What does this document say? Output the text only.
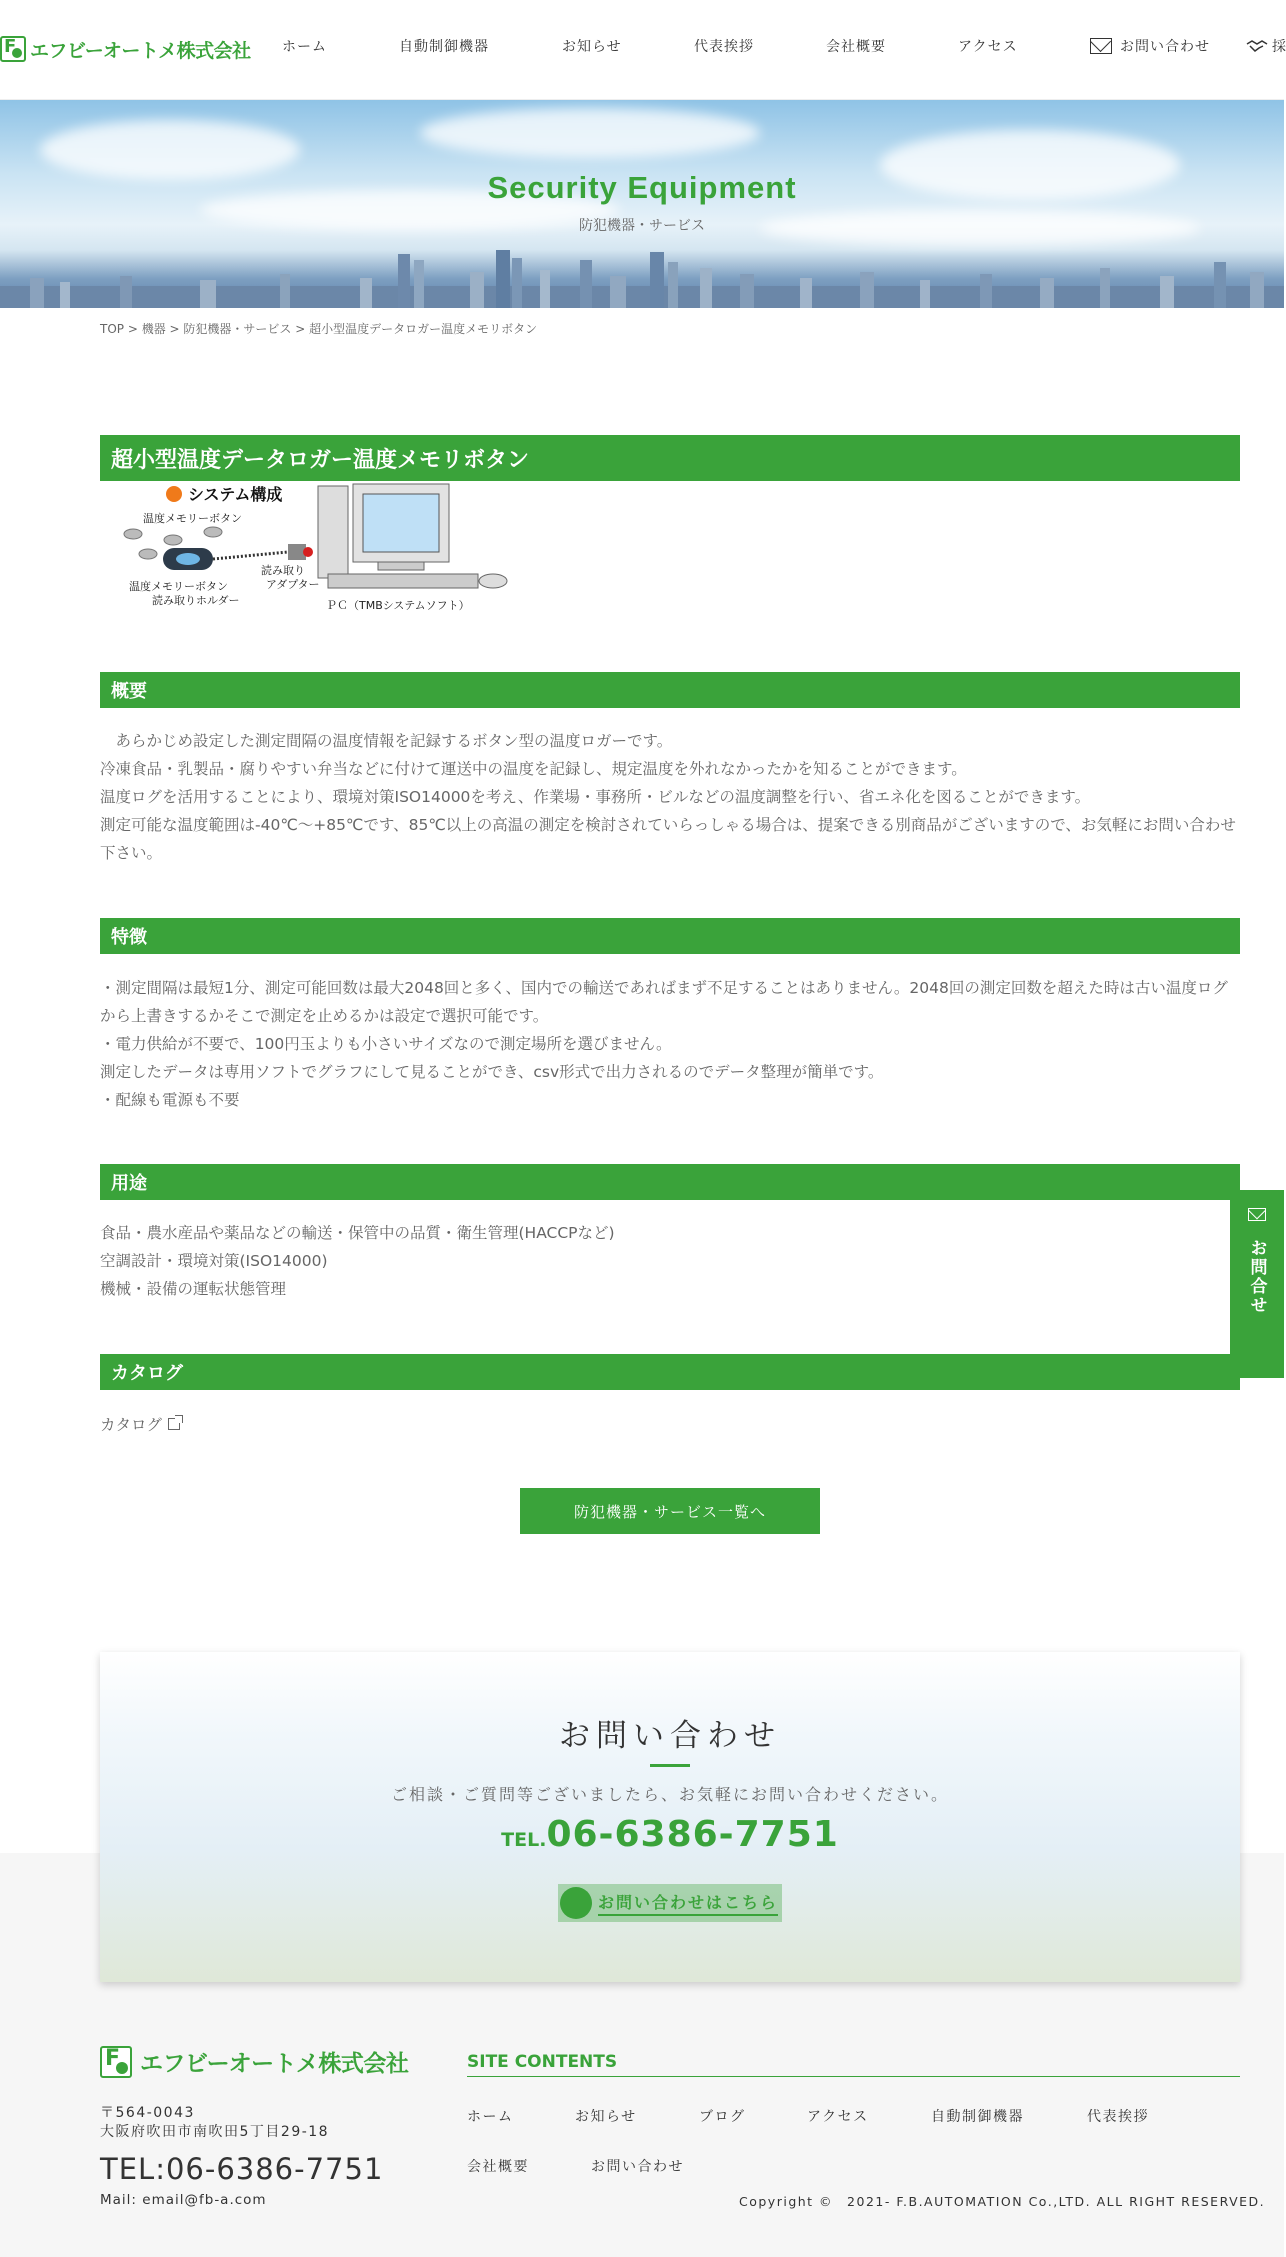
F
エフビーオートメ株式会社 ホーム	自動制御機器	お知らせ	代表挨拶	会社概要	アクセス	お問い合わせ	採
Security Equipment
防犯機器・サービス
TOP > 機器 > 防犯機器・サービス > 超小型温度データロガー温度メモリボタン
超小型温度データロガー温度メモリボタン
システム構成
温度メモリーボタン
読み取り
アダプター
温度メモリーボタン
読み取りホルダー	ＰＣ（TMBシステムソフト）
概要

　あらかじめ設定した測定間隔の温度情報を記録するボタン型の温度ロガーです。

冷凍食品・乳製品・腐りやすい弁当などに付けて運送中の温度を記録し、規定温度を外れなかったかを知ることができます。

温度ログを活用することにより、環境対策ISO14000を考え、作業場・事務所・ビルなどの温度調整を行い、省エネ化を図ることができます。

測定可能な温度範囲は-40℃～+85℃です、85℃以上の高温の測定を検討されていらっしゃる場合は、提案できる別商品がございますので、お気軽にお問い合わせ下さい。

特徴

・測定間隔は最短1分、測定可能回数は最大2048回と多く、国内での輸送であればまず不足することはありません。2048回の測定回数を超えた時は古い温度ログから上書きするかそこで測定を止めるかは設定で選択可能です。

・電力供給が不要で、100円玉よりも小さいサイズなので測定場所を選びません。

測定したデータは専用ソフトでグラフにして見ることができ、csv形式で出力されるのでデータ整理が簡単です。

・配線も電源も不要

用途

食品・農水産品や薬品などの輸送・保管中の品質・衛生管理(HACCPなど)

空調設計・環境対策(ISO14000)

機械・設備の運転状態管理

カタログ
カタログ
防犯機器・サービス一覧へ
お問合せ
お問い合わせ
ご相談・ご質問等ございましたら、お気軽にお問い合わせください。
TEL.06-6386-7751
お問い合わせはこちら
F
エフビーオートメ株式会社
〒564-0043
大阪府吹田市南吹田5丁目29-18
TEL:06-6386-7751
Mail: email@fb-a.com
SITE CONTENTS
ホーム	お知らせ	ブログ	アクセス	自動制御機器	代表挨拶
会社概要	お問い合わせ
Copyright ©　2021- F.B.AUTOMATION Co.,LTD. ALL RIGHT RESERVED.
